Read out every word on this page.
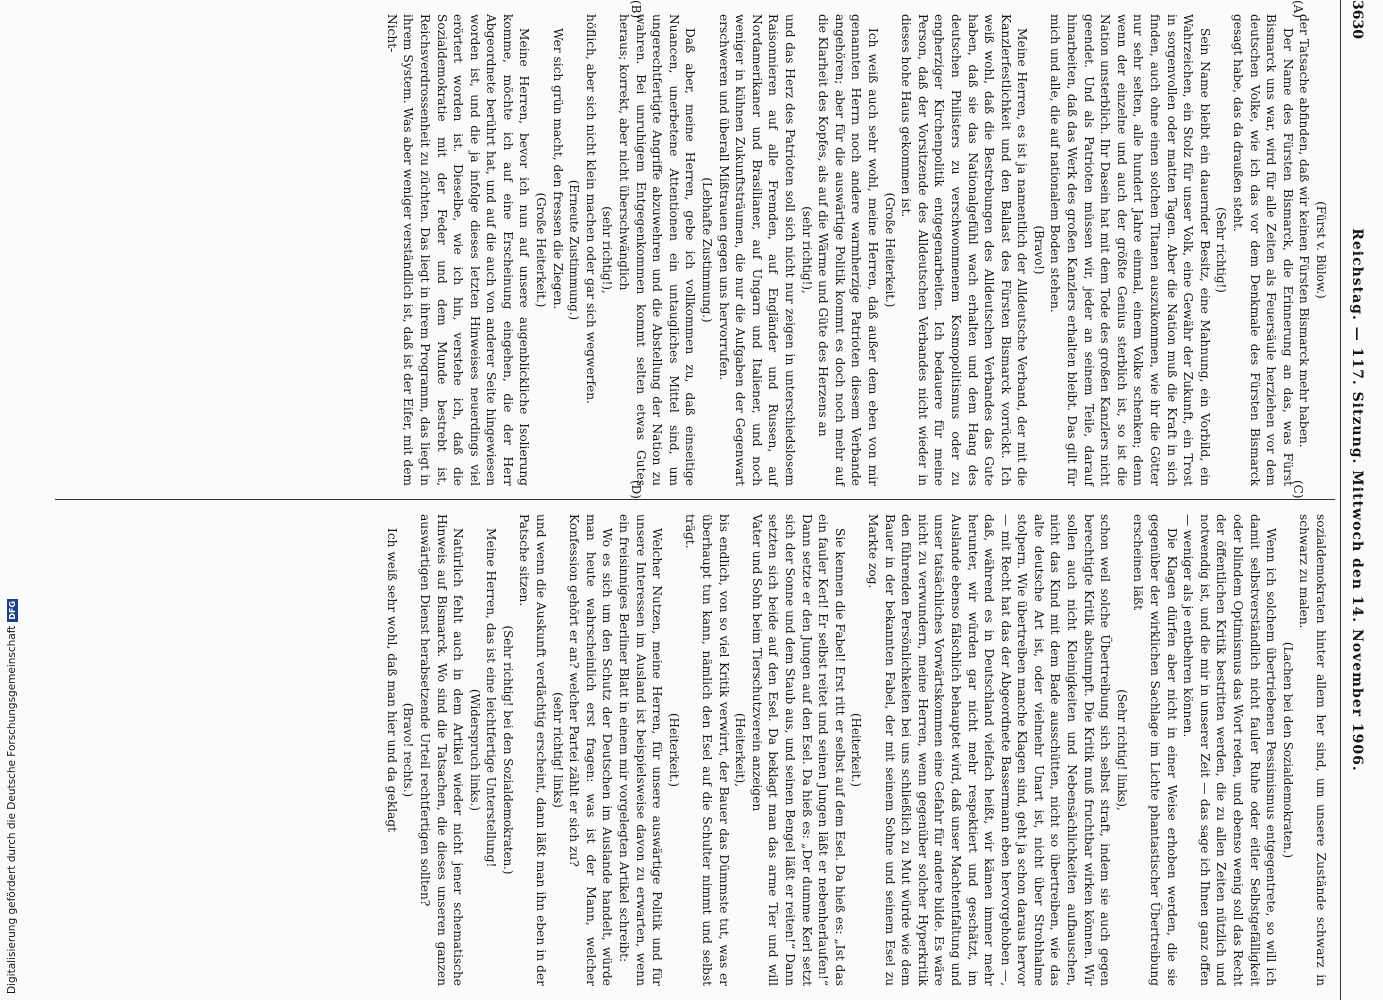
3630
Reichstag. — 117. Sitzung. Mittwoch den 14. November 1906.
(A)
(B)
(C)
(D)

(Fürst v. Bülow.)

der Tatsache abfinden, daß wir keinen Fürsten Bismarck mehr haben.

Der Name des Fürsten Bismarck, die Erinnerung an das, was Fürst Bismarck uns war, wird für alle Zeiten als Feuersäule herziehen vor dem deutschen Volke, wie ich das vor dem Denkmale des Fürsten Bismarck gesagt habe, das da draußen steht.

(Sehr richtig!)

Sein Name bleibt ein dauernder Besitz, eine Mahnung, ein Vorbild, ein Wahrzeichen, ein Stolz für unser Volk, eine Gewähr der Zukunft, ein Trost in sorgenvollen oder matten Tagen. Aber die Nation muß die Kraft in sich finden, auch ohne einen solchen Titanen auszukommen, wie ihr die Götter nur sehr selten, alle hundert Jahre einmal, einem Volke schenken; denn wenn der einzelne und auch der größte Genius sterblich ist, so ist die Nation unsterblich. Ihr Dasein hat mit dem Tode des großen Kanzlers nicht geendet. Und als Patrioten müssen wir, jeder an seinem Teile, darauf hinarbeiten, daß das Werk des großen Kanzlers erhalten bleibt. Das gilt für mich und alle, die auf nationalem Boden stehen.

(Bravo!)

Meine Herren, es ist ja namentlich der Alldeutsche Verband, der mit die Kanzlerfestlichkeit und den Ballast des Fürsten Bismarck vorrückt. Ich weiß wohl, daß die Bestrebungen des Alldeutschen Verbandes das Gute haben, daß sie das Nationalgefühl wach erhalten und dem Hang des deutschen Philisters zu verschwommenem Kosmopolitismus oder zu engherziger Kirchenpolitik entgegenarbeiten. Ich bedauere für meine Person, daß der Vorsitzende des Alldeutschen Verbandes nicht wieder in dieses hohe Haus gekommen ist.

(Große Heiterkeit.)

Ich weiß auch sehr wohl, meine Herren, daß außer dem eben von mir genannten Herrn noch andere warmherzige Patrioten diesem Verbande angehören; aber für die auswärtige Politik kommt es doch noch mehr auf die Klarheit des Kopfes, als auf die Wärme und Güte des Herzens an

(sehr richtig!),

und das Herz des Patrioten soll sich nicht nur zeigen in unterschiedslosem Raisonnieren auf alle Fremden, auf Engländer und Russen, auf Nordamerikaner und Brasilianer, auf Ungarn und Italiener, und noch weniger in kühnen Zukunftsträumen, die nur die Aufgaben der Gegenwart erschweren und überall Mißtrauen gegen uns hervorrufen.

(Lebhafte Zustimmung.)

Daß aber, meine Herren, gebe ich vollkommen zu, daß einseitige Nuancen, unerbetene Attentionen ein untaugliches Mittel sind, um ungerechtfertigte Angriffe abzuwehren und die Abstellung der Nation zu wahren. Bei unruhigem Entgegenkommen kommt selten etwas Gutes heraus; korrekt, aber nicht überschwänglich

(sehr richtig!),

höflich, aber sich nicht klein machen oder gar sich wegwerfen.

(Erneute Zustimmung.)

Wer sich grün macht, den fressen die Ziegen.

(Große Heiterkeit.)

Meine Herren, bevor ich nun auf unsere augenblickliche Isolierung komme, möchte ich auf eine Erscheinung eingehen, die der Herr Abgeordnete berührt hat, und auf die auch von anderer Seite hingewiesen worden ist, und die ja infolge dieses letzten Hinweises neuerdings viel erörtert worden ist. Dieselbe, wie ich hin, verstehe ich, daß die Sozialdemokratie mit der Feder und dem Munde bestrebt ist, Reichsverdrossenheit zu züchten. Das liegt in ihrem Programm, das liegt in ihrem System. Was aber weniger verständlich ist, daß ist der Eifer, mit dem Nicht-

sozialdemokraten hinter allem her sind, um unsere Zustände schwarz in schwarz zu malen.

(Lachen bei den Sozialdemokraten.)

Wenn ich solchem übertriebenen Pessimismus entgegentrete, so will ich damit selbstverständlich nicht fauler Ruhe oder eitler Selbstgefälligkeit oder blindem Optimismus das Wort reden, und ebenso wenig soll das Recht der öffentlichen Kritik bestritten werden, die zu allen Zeiten nützlich und notwendig ist, und die mir in unserer Zeit — das sage ich Ihnen ganz offen — weniger als je entbehren können.

Die Klagen dürfen aber nicht in einer Weise erhoben werden, die sie gegenüber der wirklichen Sachlage im Lichte phantastischer Übertreibung erscheinen läßt

(Sehr richtig! links),

schon weil solche Übertreibung sich selbst straft, indem sie auch gegen berechtigte Kritik abstumpft. Die Kritik muß fruchtbar wirken können. Wir sollen auch nicht Kleinigkeiten und Nebensächlichkeiten aufbauschen, nicht das Kind mit dem Bade ausschütten, nicht so übertreiben, wie das alte deutsche Art ist, oder vielmehr Unart ist, nicht über Strohhalme stolpern. Wie übertreiben manche Klagen sind, geht ja schon daraus hervor — mit Recht hat das der Abgeordnete Bassermann eben hervorgehoben —, daß, während es in Deutschland vielfach heißt, wir kämen immer mehr herunter, wir würden gar nicht mehr respektiert und geschätzt, im Auslande ebenso fälschlich behauptet wird, daß unser Machtentfaltung und unser tatsächliches Vorwärtskommen eine Gefahr für andere bilde. Es wäre nicht zu verwundern, meine Herren, wenn gegenüber solcher Hyperkritik den führenden Persönlichkeiten bei uns schließlich zu Mut würde wie dem Bauer in der bekannten Fabel, der mit seinem Sohne und seinem Esel zu Markte zog.

(Heiterkeit.)

Sie kennen die Fabel! Erst ritt er selbst auf dem Esel. Da hieß es: „Ist das ein fauler Kerl! Er selbst reitet und seinen Jungen läßt er nebenherlaufen!“ Dann setzte er den Jungen auf den Esel. Da hieß es: „Der dumme Kerl setzt sich der Sonne und dem Staub aus, und seinen Bengel läßt er reiten!“ Dann setzten sich beide auf den Esel. Da beklagt man das arme Tier und will Vater und Sohn beim Tierschutzverein anzeigen

(Heiterkeit),

bis endlich, von so viel Kritik verwirrt, der Bauer das Dümmste tut, was er überhaupt tun kann, nämlich den Esel auf die Schulter nimmt und selbst trägt.

(Heiterkeit.)

Welcher Nutzen, meine Herren, für unsere auswärtige Politik und für unsere Interessen im Ausland ist beispielsweise davon zu erwarten, wenn ein freisinniges Berliner Blatt in einem mir vorgelegten Artikel schreibt:

Wo es sich um den Schutz der Deutschen im Auslande handelt, würde man heute wahrscheinlich erst fragen: was ist der Mann, welcher Konfession gehört er an? welcher Partei zählt er sich zu?

(sehr richtig! links)

und wenn die Auskunft verdächtig erscheint, dann läßt man ihn eben in der Patsche sitzen.

(Sehr richtig! bei den Sozialdemokraten.)

Meine Herren, das ist eine leichtfertige Unterstellung!

(Widerspruch links.)

Natürlich fehlt auch in dem Artikel wieder nicht jener schematische Hinweis auf Bismarck. Wo sind die Tatsachen, die dieses unseren ganzen auswärtigen Dienst herabsetzende Urteil rechtfertigen sollten?

(Bravo! rechts.)

Ich weiß sehr wohl, daß man hier und da geklagt

Digitalisierung gefördert durch die Deutsche Forschungsgemeinschaft
DFG
